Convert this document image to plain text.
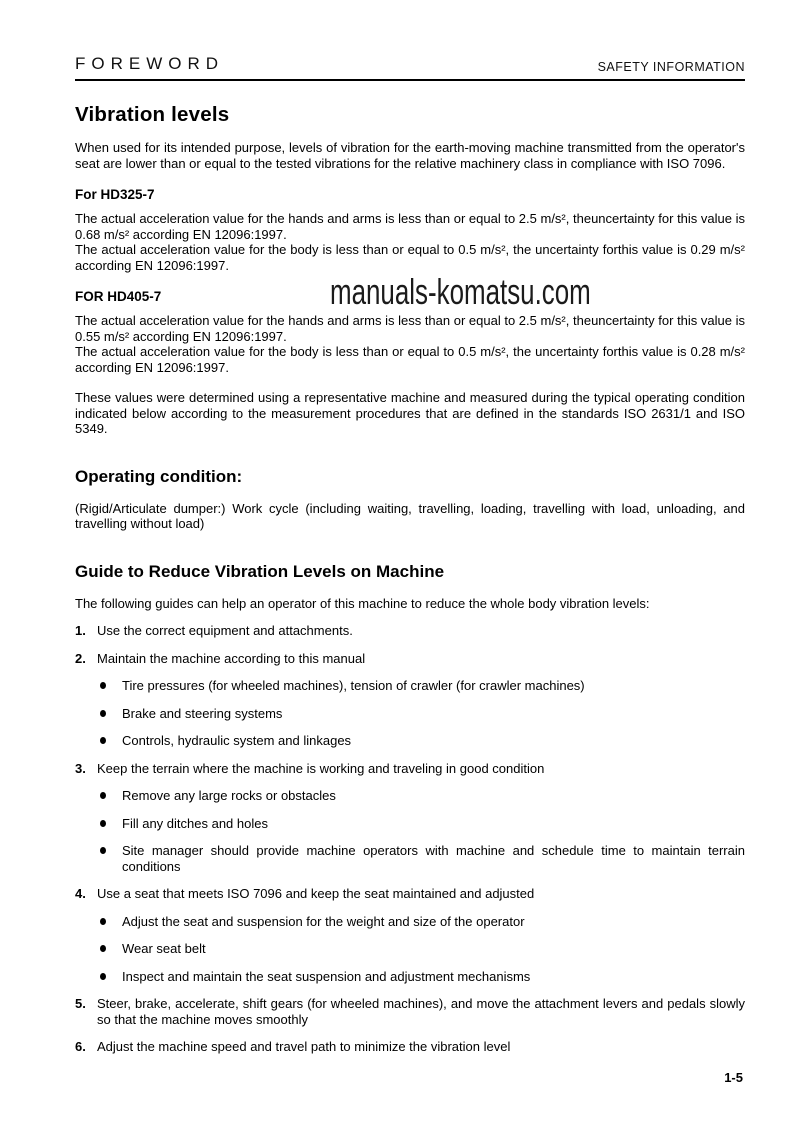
FOREWORD	SAFETY INFORMATION
Vibration levels

When used for its intended purpose, levels of vibration for the earth-moving machine transmitted from the operator's seat are lower than or equal to the tested vibrations for the relative machinery class in compliance with ISO 7096.

For HD325-7

The actual acceleration value for the hands and arms is less than or equal to 2.5 m/s², theuncertainty for this value is 0.68 m/s² according EN 12096:1997.

The actual acceleration value for the body is less than or equal to 0.5 m/s², the uncertainty forthis value is 0.29 m/s² according EN 12096:1997.

FOR HD405-7

The actual acceleration value for the hands and arms is less than or equal to 2.5 m/s², theuncertainty for this value is 0.55 m/s² according EN 12096:1997.

The actual acceleration value for the body is less than or equal to 0.5 m/s², the uncertainty forthis value is 0.28 m/s² according EN 12096:1997.

These values were determined using a representative machine and measured during the typical operating condition indicated below according to the measurement procedures that are defined in the standards ISO 2631/1 and ISO 5349.

Operating condition:

(Rigid/Articulate dumper:) Work cycle (including waiting, travelling, loading, travelling with load, unloading, and travelling without load)

Guide to Reduce Vibration Levels on Machine

The following guides can help an operator of this machine to reduce the whole body vibration levels:

1. Use the correct equipment and attachments.
2. Maintain the machine according to this manual
Tire pressures (for wheeled machines), tension of crawler (for crawler machines)
Brake and steering systems
Controls, hydraulic system and linkages
3. Keep the terrain where the machine is working and traveling in good condition
Remove any large rocks or obstacles
Fill any ditches and holes
Site manager should provide machine operators with machine and schedule time to maintain terrain conditions
4. Use a seat that meets ISO 7096 and keep the seat maintained and adjusted
Adjust the seat and suspension for the weight and size of the operator
Wear seat belt
Inspect and maintain the seat suspension and adjustment mechanisms
5. Steer, brake, accelerate, shift gears (for wheeled machines), and move the attachment levers and pedals slowly so that the machine moves smoothly
6. Adjust the machine speed and travel path to minimize the vibration level
manuals-komatsu.com
1-5
